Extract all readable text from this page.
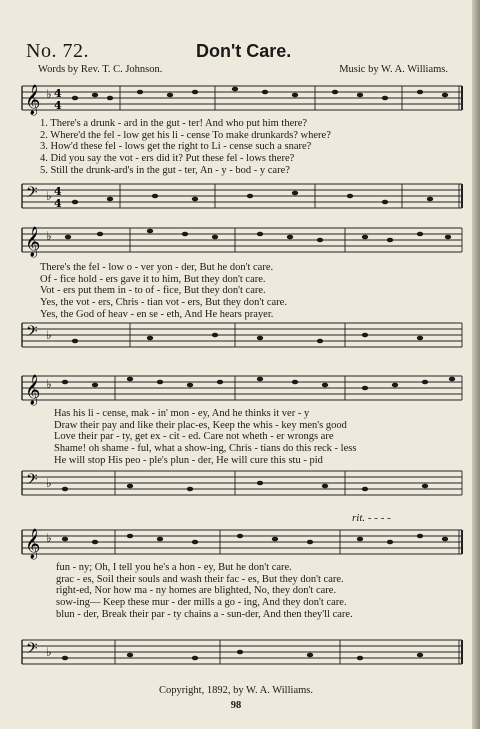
No. 72.	Don't Care.
Words by Rev. T. C. Johnson.	Music by W. A. Williams.
𝄞 ♭ 4
4
1. There's a drunk - ard in the gut - ter! And who put him there?
2. Where'd the fel - low get his li - cense To make drunkards? where?
3. How'd these fel - lows get the right to Li - cense such a snare?
4. Did you say the vot - ers did it? Put these fel - lows there?
5. Still the drunk-ard's in the gut - ter, An - y - bod - y care?
𝄢 ♭ 4
4
𝄞 ♭
There's the fel - low o - ver yon - der, But he don't care.
Of - fice hold - ers gave it to him, But they don't care.
Vot - ers put them in - to of - fice, But they don't care.
Yes, the vot - ers, Chris - tian vot - ers, But they don't care.
Yes, the God of heav - en se - eth, And He hears prayer.
𝄢 ♭
𝄞 ♭
Has his li - cense, mak - in' mon - ey, And he thinks it ver - y
Draw their pay and like their plac-es, Keep the whis - key men's good
Love their par - ty, get ex - cit - ed. Care not wheth - er wrongs are
Shame! oh shame - ful, what a show-ing, Chris - tians do this reck - less
He will stop His peo - ple's plun - der, He will cure this stu - pid
𝄢 ♭
rit. - - - -
𝄞 ♭
fun - ny; Oh, I tell you he's a hon - ey, But he don't care.
grac - es, Soil their souls and wash their fac - es, But they don't care.
right-ed, Nor how ma - ny homes are blighted, No, they don't care.
sow-ing— Keep these mur - der mills a go - ing, And they don't care.
blun - der, Break their par - ty chains a - sun-der, And then they'll care.
𝄢 ♭
Copyright, 1892, by W. A. Williams.
98
